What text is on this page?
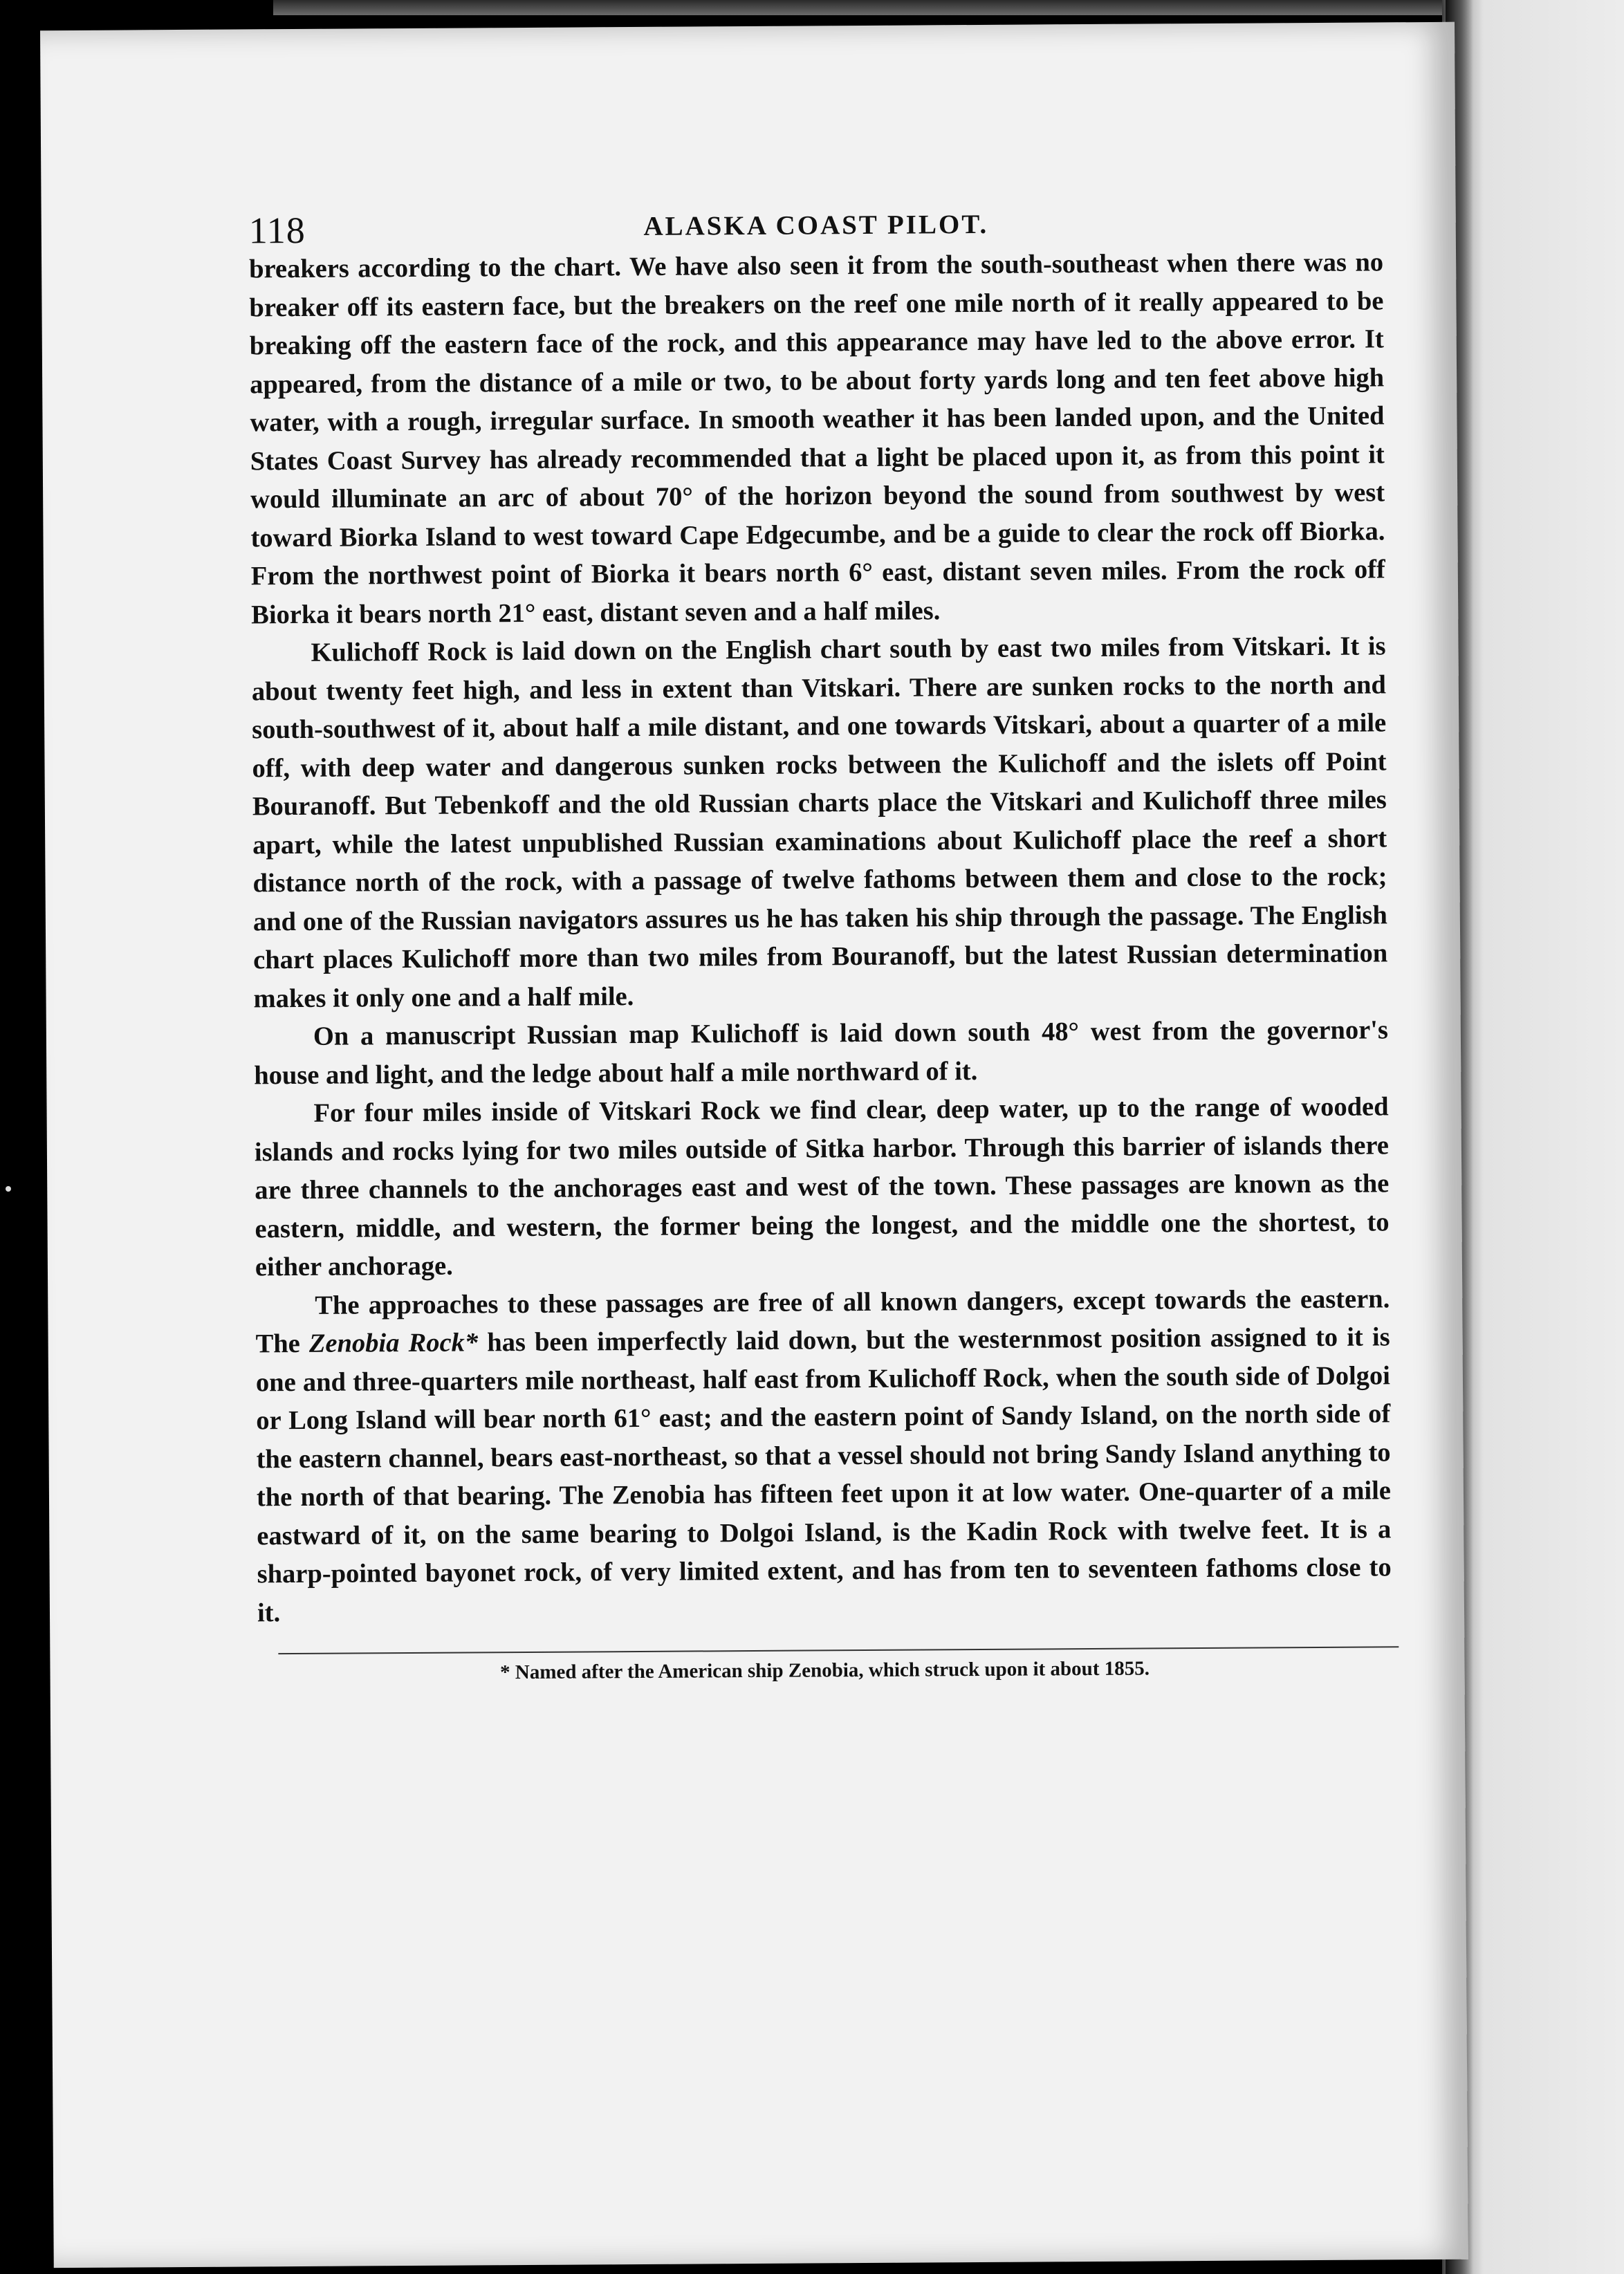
118	ALASKA COAST PILOT.

breakers according to the chart. We have also seen it from the south-southeast when there was no breaker off its eastern face, but the breakers on the reef one mile north of it really appeared to be breaking off the eastern face of the rock, and this appearance may have led to the above error. It appeared, from the distance of a mile or two, to be about forty yards long and ten feet above high water, with a rough, irregular surface. In smooth weather it has been landed upon, and the United States Coast Survey has already recommended that a light be placed upon it, as from this point it would illuminate an arc of about 70° of the horizon beyond the sound from southwest by west toward Biorka Island to west toward Cape Edgecumbe, and be a guide to clear the rock off Biorka. From the northwest point of Biorka it bears north 6° east, distant seven miles. From the rock off Biorka it bears north 21° east, distant seven and a half miles.

Kulichoff Rock is laid down on the English chart south by east two miles from Vitskari. It is about twenty feet high, and less in extent than Vitskari. There are sunken rocks to the north and south-southwest of it, about half a mile distant, and one towards Vitskari, about a quarter of a mile off, with deep water and dangerous sunken rocks between the Kulichoff and the islets off Point Bouranoff. But Tebenkoff and the old Russian charts place the Vitskari and Kulichoff three miles apart, while the latest unpublished Russian examinations about Kulichoff place the reef a short distance north of the rock, with a passage of twelve fathoms between them and close to the rock; and one of the Russian navigators assures us he has taken his ship through the passage. The English chart places Kulichoff more than two miles from Bouranoff, but the latest Russian determination makes it only one and a half mile.

On a manuscript Russian map Kulichoff is laid down south 48° west from the governor's house and light, and the ledge about half a mile northward of it.

For four miles inside of Vitskari Rock we find clear, deep water, up to the range of wooded islands and rocks lying for two miles outside of Sitka harbor. Through this barrier of islands there are three channels to the anchorages east and west of the town. These passages are known as the eastern, middle, and western, the former being the longest, and the middle one the shortest, to either anchorage.

The approaches to these passages are free of all known dangers, except towards the eastern. The Zenobia Rock* has been imperfectly laid down, but the westernmost position assigned to it is one and three-quarters mile northeast, half east from Kulichoff Rock, when the south side of Dolgoi or Long Island will bear north 61° east; and the eastern point of Sandy Island, on the north side of the eastern channel, bears east-northeast, so that a vessel should not bring Sandy Island anything to the north of that bearing. The Zenobia has fifteen feet upon it at low water. One-quarter of a mile eastward of it, on the same bearing to Dolgoi Island, is the Kadin Rock with twelve feet. It is a sharp-pointed bayonet rock, of very limited extent, and has from ten to seventeen fathoms close to it.

* Named after the American ship Zenobia, which struck upon it about 1855.
